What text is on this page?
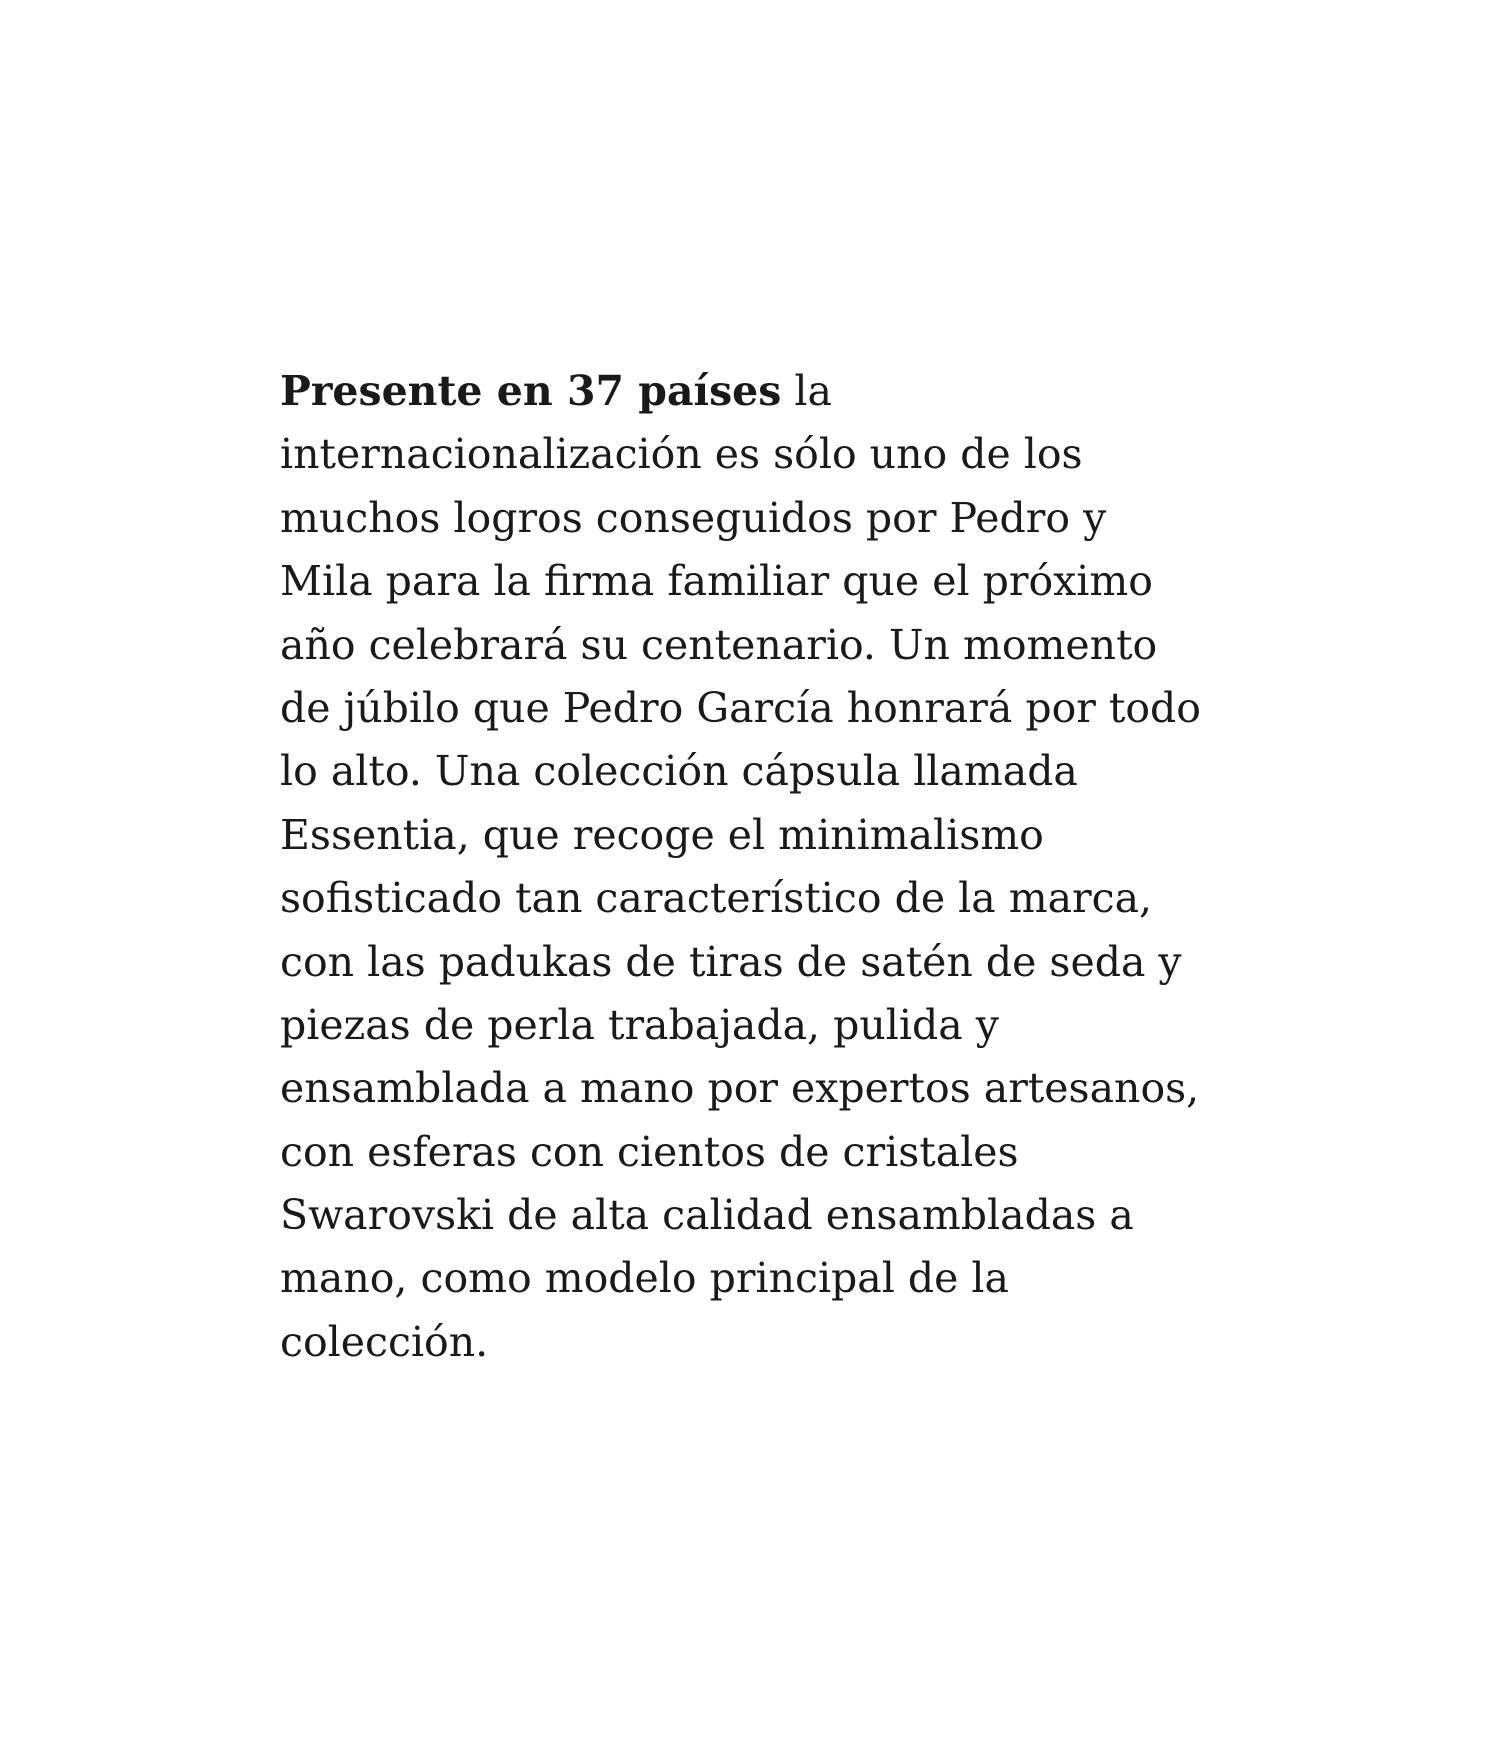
Presente en 37 países la
internacionalización es sólo uno de los
muchos logros conseguidos por Pedro y
Mila para la firma familiar que el próximo
año celebrará su centenario. Un momento
de júbilo que Pedro García honrará por todo
lo alto. Una colección cápsula llamada
Essentia, que recoge el minimalismo
sofisticado tan característico de la marca,
con las padukas de tiras de satén de seda y
piezas de perla trabajada, pulida y
ensamblada a mano por expertos artesanos,
con esferas con cientos de cristales
Swarovski de alta calidad ensambladas a
mano, como modelo principal de la
colección.
